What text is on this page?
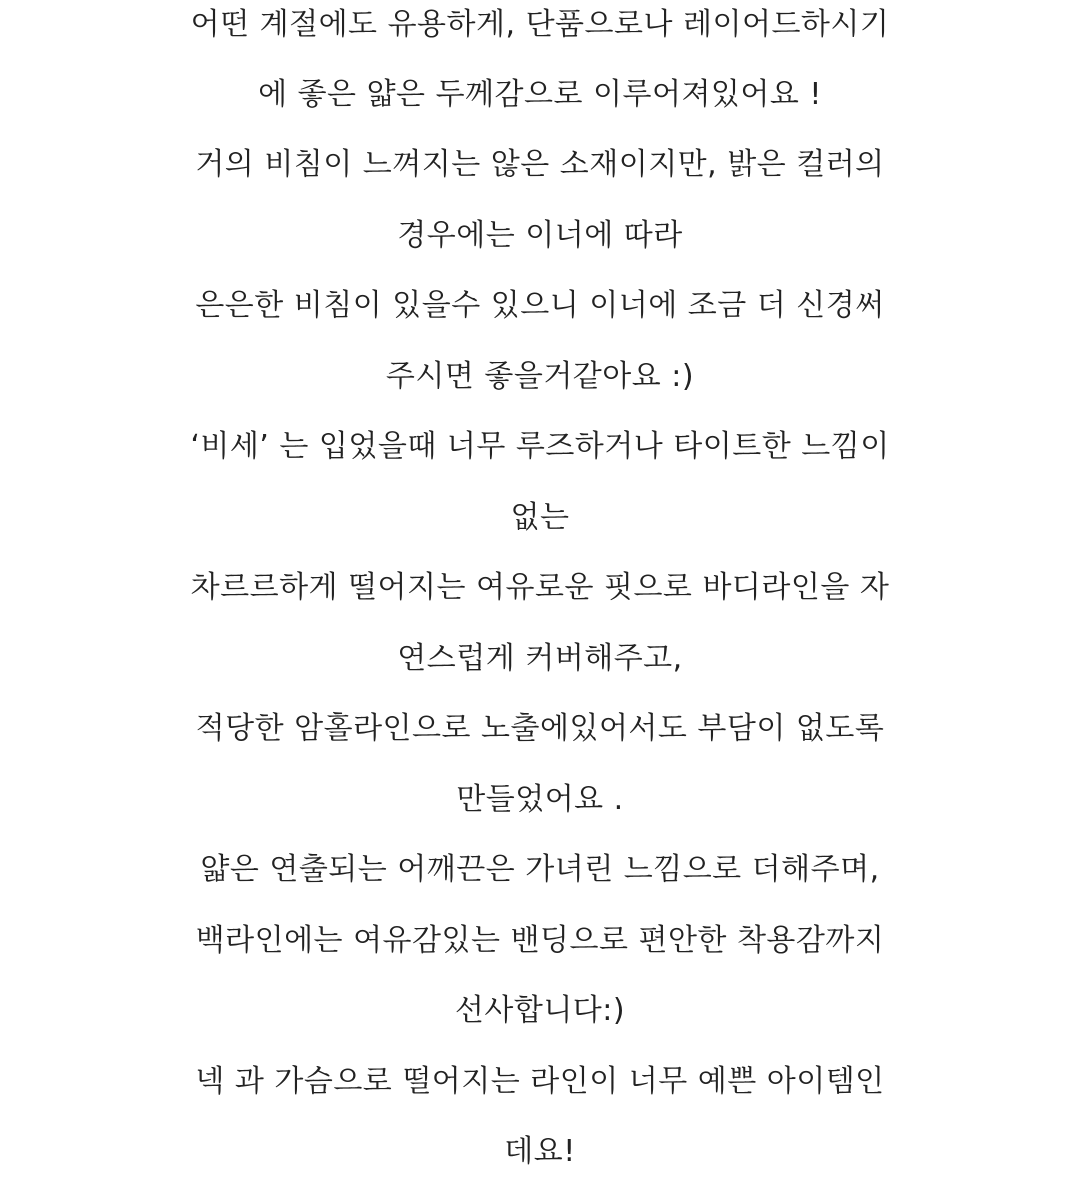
어떤 계절에도 유용하게, 단품으로나 레이어드하시기
에 좋은 얇은 두께감으로 이루어져있어요 !
거의 비침이 느껴지는 않은 소재이지만, 밝은 컬러의
경우에는 이너에 따라
은은한 비침이 있을수 있으니 이너에 조금 더 신경써
주시면 좋을거같아요 :)
‘비세’ 는 입었을때 너무 루즈하거나 타이트한 느낌이
없는
차르르하게 떨어지는 여유로운 핏으로 바디라인을 자
연스럽게 커버해주고,
적당한 암홀라인으로 노출에있어서도 부담이 없도록
만들었어요 .
얇은 연출되는 어깨끈은 가녀린 느낌으로 더해주며,
백라인에는 여유감있는 밴딩으로 편안한 착용감까지
선사합니다:)
넥 과 가슴으로 떨어지는 라인이 너무 예쁜 아이템인
데요!
